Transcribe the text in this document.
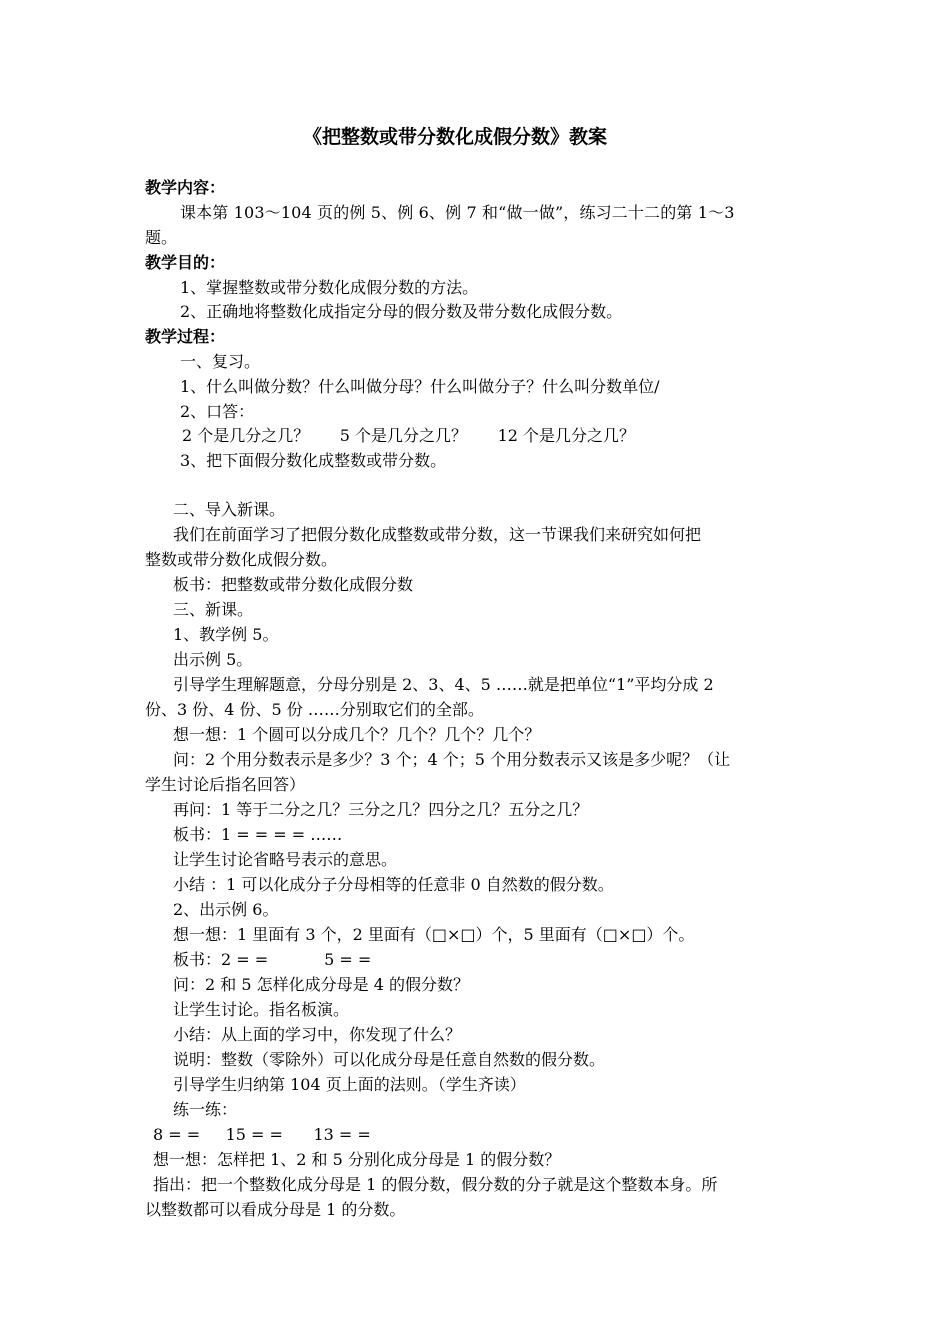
《把整数或带分数化成假分数》教案
教学内容：
课本第 103～104 页的例 5、例 6、例 7 和“做一做”，练习二十二的第 1～3
题。
教学目的：
1、掌握整数或带分数化成假分数的方法。
2、正确地将整数化成指定分母的假分数及带分数化成假分数。
教学过程：
一、复习。
1、什么叫做分数？什么叫做分母？什么叫做分子？什么叫分数单位/
2、口答：
2 个是几分之几？      5 个是几分之几？      12 个是几分之几？
3、把下面假分数化成整数或带分数。
二、导入新课。
我们在前面学习了把假分数化成整数或带分数，这一节课我们来研究如何把
整数或带分数化成假分数。
板书：把整数或带分数化成假分数
三、新课。
1、教学例 5。
出示例 5。
引导学生理解题意，分母分别是 2、3、4、5 ……就是把单位“1”平均分成 2
份、3 份、4 份、5 份 ……分别取它们的全部。
想一想：1 个圆可以分成几个？几个？几个？几个？
问：2 个用分数表示是多少？3 个；4 个；5 个用分数表示又该是多少呢？（让
学生讨论后指名回答）
再问：1 等于二分之几？三分之几？四分之几？五分之几？
板书：1 = = = = ……
让学生讨论省略号表示的意思。
小结 ：1 可以化成分子分母相等的任意非 0 自然数的假分数。
2、出示例 6。
想一想：1 里面有 3 个，2 里面有（□×□）个，5 里面有（□×□）个。
板书：2 = =           5 = =
问：2 和 5 怎样化成分母是 4 的假分数？
让学生讨论。指名板演。
小结：从上面的学习中，你发现了什么？
说明：整数（零除外）可以化成分母是任意自然数的假分数。
引导学生归纳第 104 页上面的法则。（学生齐读）
练一练：
8 = =     15 = =      13 = =
想一想：怎样把 1、2 和 5 分别化成分母是 1 的假分数？
指出：把一个整数化成分母是 1 的假分数，假分数的分子就是这个整数本身。所
以整数都可以看成分母是 1 的分数。
